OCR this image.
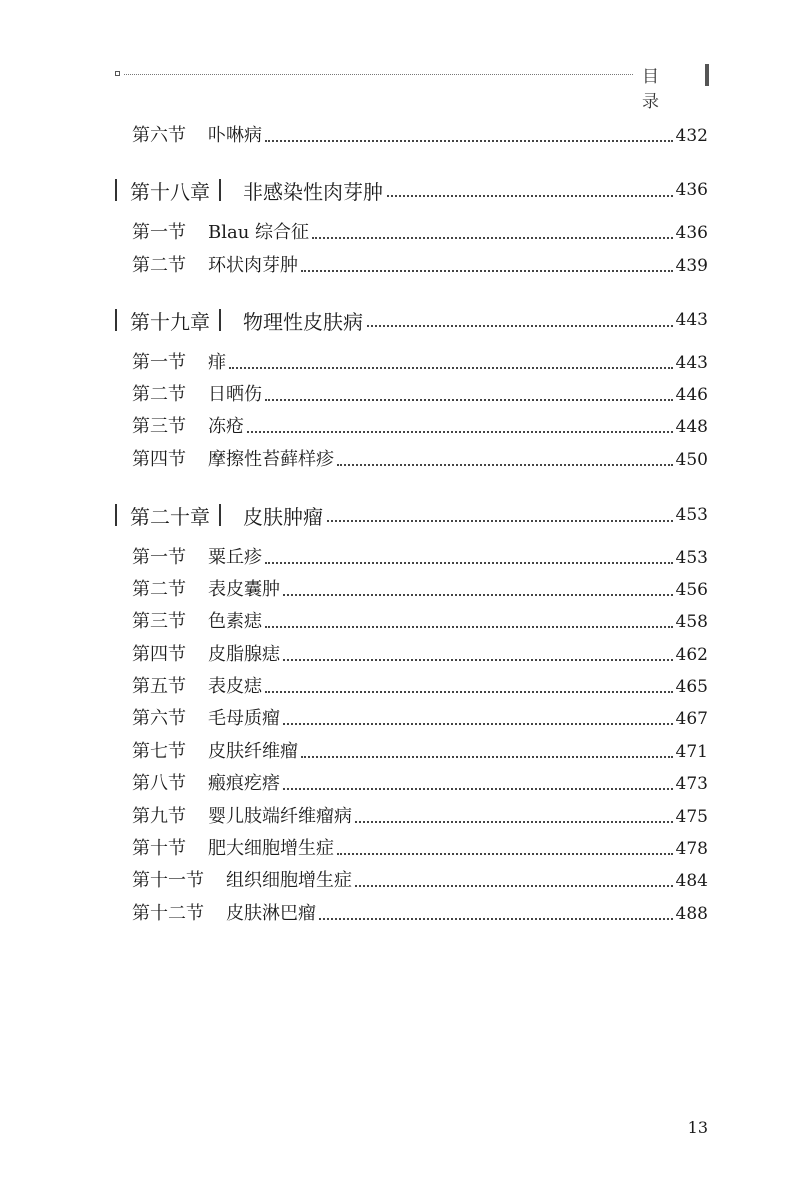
目 录
第六节 卟啉病	432
第十八章 非感染性肉芽肿	436
第一节 Blau 综合征	436
第二节 环状肉芽肿	439
第十九章 物理性皮肤病	443
第一节 痱	443
第二节 日晒伤	446
第三节 冻疮	448
第四节 摩擦性苔藓样疹	450
第二十章 皮肤肿瘤	453
第一节 粟丘疹	453
第二节 表皮囊肿	456
第三节 色素痣	458
第四节 皮脂腺痣	462
第五节 表皮痣	465
第六节 毛母质瘤	467
第七节 皮肤纤维瘤	471
第八节 瘢痕疙瘩	473
第九节 婴儿肢端纤维瘤病	475
第十节 肥大细胞增生症	478
第十一节 组织细胞增生症	484
第十二节 皮肤淋巴瘤	488
13
